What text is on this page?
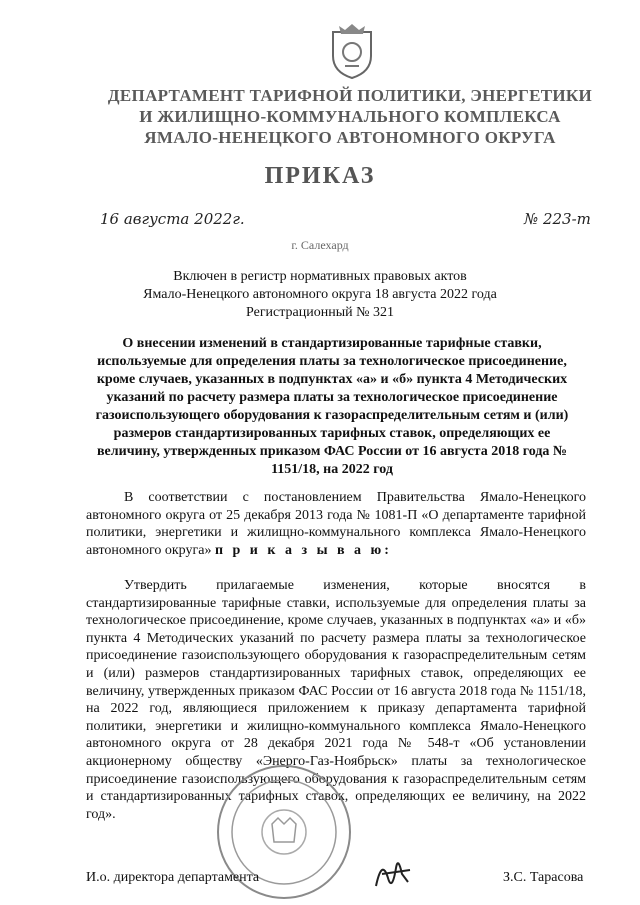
ДЕПАРТАМЕНТ ТАРИФНОЙ ПОЛИТИКИ, ЭНЕРГЕТИКИ
И ЖИЛИЩНО-КОММУНАЛЬНОГО КОМПЛЕКСА
ЯМАЛО-НЕНЕЦКОГО АВТОНОМНОГО ОКРУГА
ПРИКАЗ
16 августа 2022г.	№ 223-т
г. Салехард
Включен в регистр нормативных правовых актов
Ямало-Ненецкого автономного округа 18 августа 2022 года
Регистрационный № 321
О внесении изменений в стандартизированные тарифные ставки, используемые для определения платы за технологическое присоединение, кроме случаев, указанных в подпунктах «а» и «б» пункта 4 Методических указаний по расчету размера платы за технологическое присоединение газоиспользующего оборудования к газораспределительным сетям и (или) размеров стандартизированных тарифных ставок, определяющих ее величину, утвержденных приказом ФАС России от 16 августа 2018 года № 1151/18, на 2022 год
В соответствии с постановлением Правительства Ямало-Ненецкого автономного округа от 25 декабря 2013 года № 1081-П «О департаменте тарифной политики, энергетики и жилищно-коммунального комплекса Ямало-Ненецкого автономного округа» п р и к а з ы в а ю:
Утвердить прилагаемые изменения, которые вносятся в стандартизированные тарифные ставки, используемые для определения платы за технологическое присоединение, кроме случаев, указанных в подпунктах «а» и «б» пункта 4 Методических указаний по расчету размера платы за технологическое присоединение газоиспользующего оборудования к газораспределительным сетям и (или) размеров стандартизированных тарифных ставок, определяющих ее величину, утвержденных приказом ФАС России от 16 августа 2018 года № 1151/18, на 2022 год, являющиеся приложением к приказу департамента тарифной политики, энергетики и жилищно-коммунального комплекса Ямало-Ненецкого автономного округа от 28 декабря 2021 года № 548-т «Об установлении акционерному обществу «Энерго-Газ-Ноябрьск» платы за технологическое присоединение газоиспользующего оборудования к газораспределительным сетям и стандартизированных тарифных ставок, определяющих ее величину, на 2022 год».
И.о. директора департамента	З.С. Тарасова
